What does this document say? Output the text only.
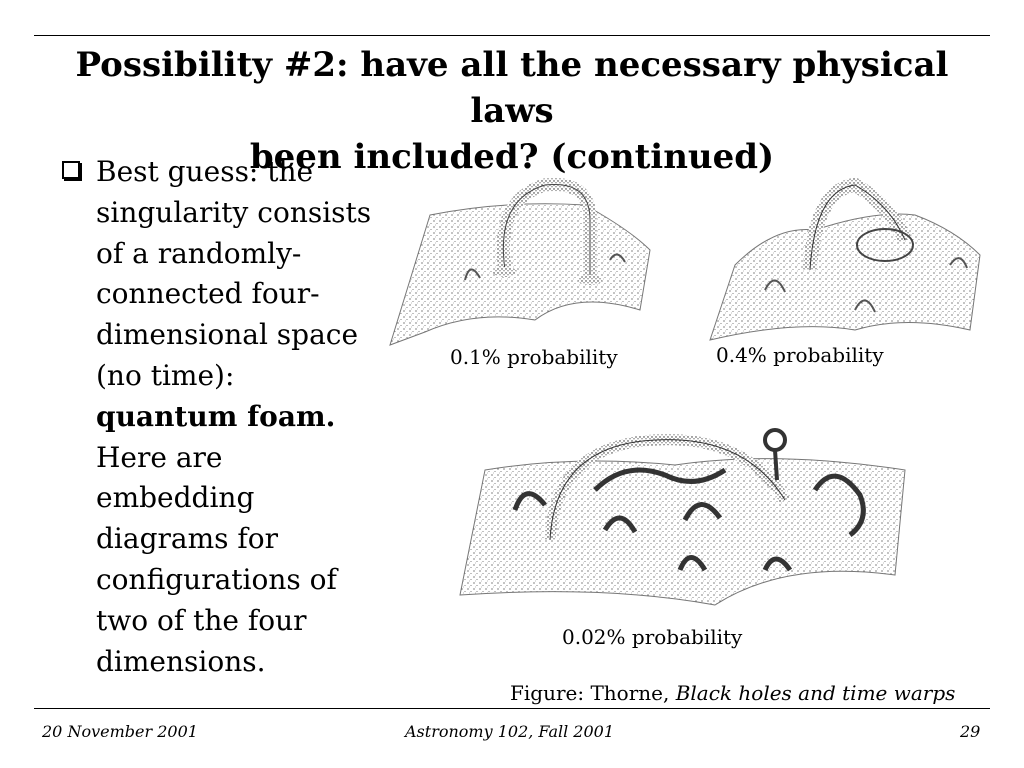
Possibility #2: have all the necessary physical laws
been included? (continued)
Best guess: the
singularity consists
of a randomly-
connected four-
dimensional space
(no time):
quantum foam.
Here are
embedding
diagrams for
configurations of
two of the four
dimensions.
0.1% probability	0.4% probability
0.02% probability
Figure: Thorne, Black holes and time warps
20 November 2001	Astronomy 102, Fall 2001	29
